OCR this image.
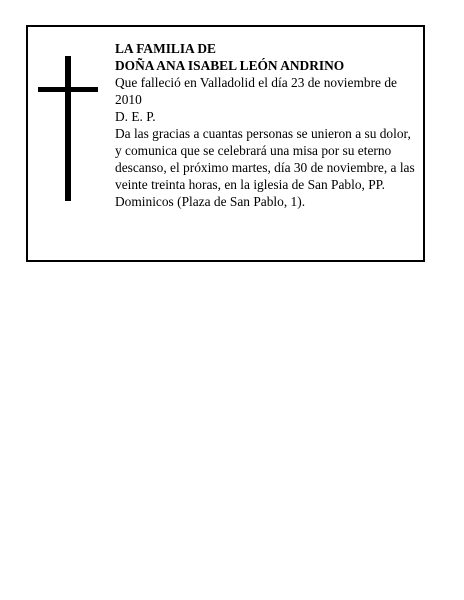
LA FAMILIA DE

DOÑA ANA ISABEL LEÓN ANDRINO

Que falleció en Valladolid el día 23 de noviembre de 2010

D. E. P.

Da las gracias a cuantas personas se unieron a su dolor, y comunica que se celebrará una misa por su eterno descanso, el próximo martes, día 30 de noviembre, a las veinte treinta horas, en la iglesia de San Pablo, PP. Dominicos (Plaza de San Pablo, 1).
